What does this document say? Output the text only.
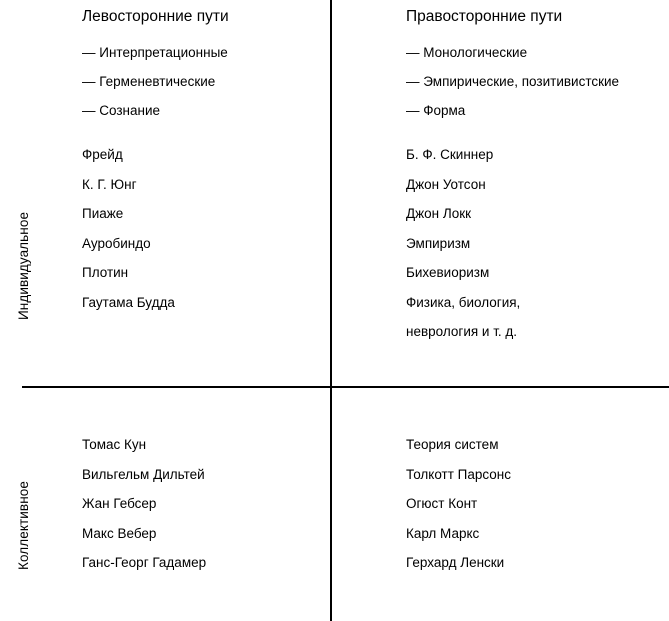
Индивидуальное
Коллективное
Левосторонние пути	Правосторонние пути
— Интерпретационные
— Герменевтические
— Сознание
— Монологические
— Эмпирические, позитивистские
— Форма
Фрейд
К. Г. Юнг
Пиаже
Ауробиндо
Плотин
Гаутама Будда
Б. Ф. Скиннер
Джон Уотсон
Джон Локк
Эмпиризм
Бихевиоризм
Физика, биология,
неврология и т. д.
Томас Кун
Вильгельм Дильтей
Жан Гебсер
Макс Вебер
Ганс-Георг Гадамер
Теория систем
Толкотт Парсонс
Огюст Конт
Карл Маркс
Герхард Ленски
